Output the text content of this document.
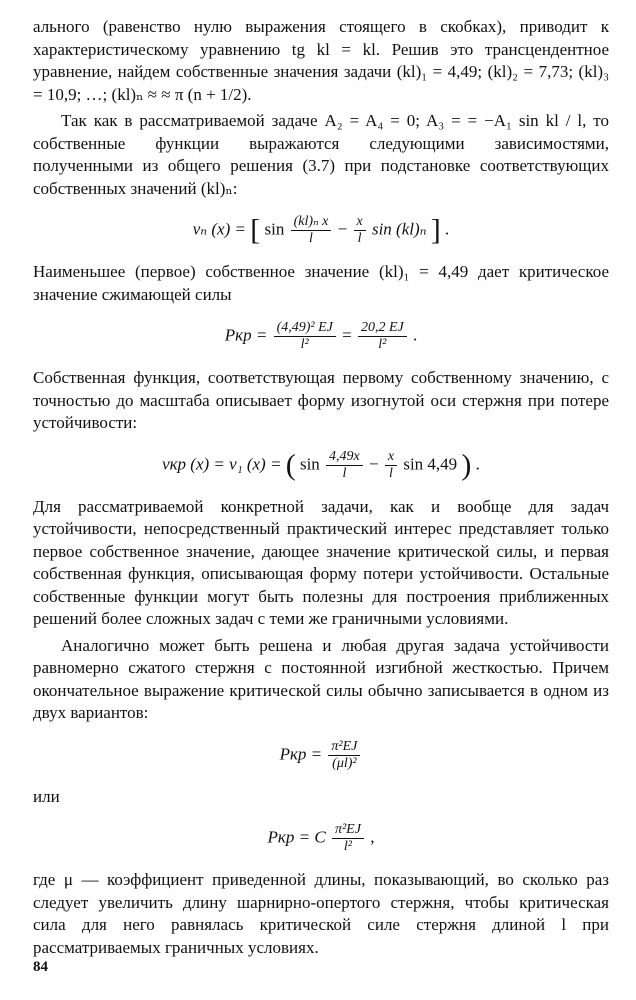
ального (равенство нулю выражения стоящего в скобках), приводит к характеристическому уравнению tg kl = kl. Решив это трансцендентное уравнение, найдем собственные значения задачи (kl)₁ = 4,49; (kl)₂ = 7,73; (kl)₃ = 10,9; …; (kl)ₙ ≈ ≈ π (n + 1/2).

Так как в рассматриваемой задаче A₂ = A₄ = 0; A₃ = = −A₁ sin kl / l, то собственные функции выражаются следующими зависимостями, полученными из общего решения (3.7) при подстановке соответствующих собственных значений (kl)ₙ:

vₙ (x) = [ $\sin \frac{\text{(kl)ₙ x}}{l} - \frac{x}{l}$ sin (kl)ₙ ] .

Наименьшее (первое) собственное значение (kl)₁ = 4,49 дает критическое значение сжимающей силы

Pкр = $\frac{\text{(4,49)² EJ}}{\text{l²}} = \frac{20,2 EJ}{\text{l²}}$ .

Собственная функция, соответствующая первому собственному значению, с точностью до масштаба описывает форму изогнутой оси стержня при потере устойчивости:

vкр (x) = v₁ (x) = ( $\sin \frac{4,49x}{l} - \frac{x}{l}$ sin 4,49 ) .

Для рассматриваемой конкретной задачи, как и вообще для задач устойчивости, непосредственный практический интерес представляет только первое собственное значение, дающее значение критической силы, и первая собственная функция, описывающая форму потери устойчивости. Остальные собственные функции могут быть полезны для построения приближенных решений более сложных задач с теми же граничными условиями.

Аналогично может быть решена и любая другая задача устойчивости равномерно сжатого стержня с постоянной изгибной жесткостью. Причем окончательное выражение критической силы обычно записывается в одном из двух вариантов:

Pкр = $\frac{\text{π²EJ}}{\text{(μl)²}}$

или

Pкр = C $\frac{\text{π²EJ}}{\text{l²}}$ ,

где μ — коэффициент приведенной длины, показывающий, во сколько раз следует увеличить длину шарнирно-опертого стержня, чтобы критическая сила для него равнялась критической силе стержня длиной l при рассматриваемых граничных условиях.

84
